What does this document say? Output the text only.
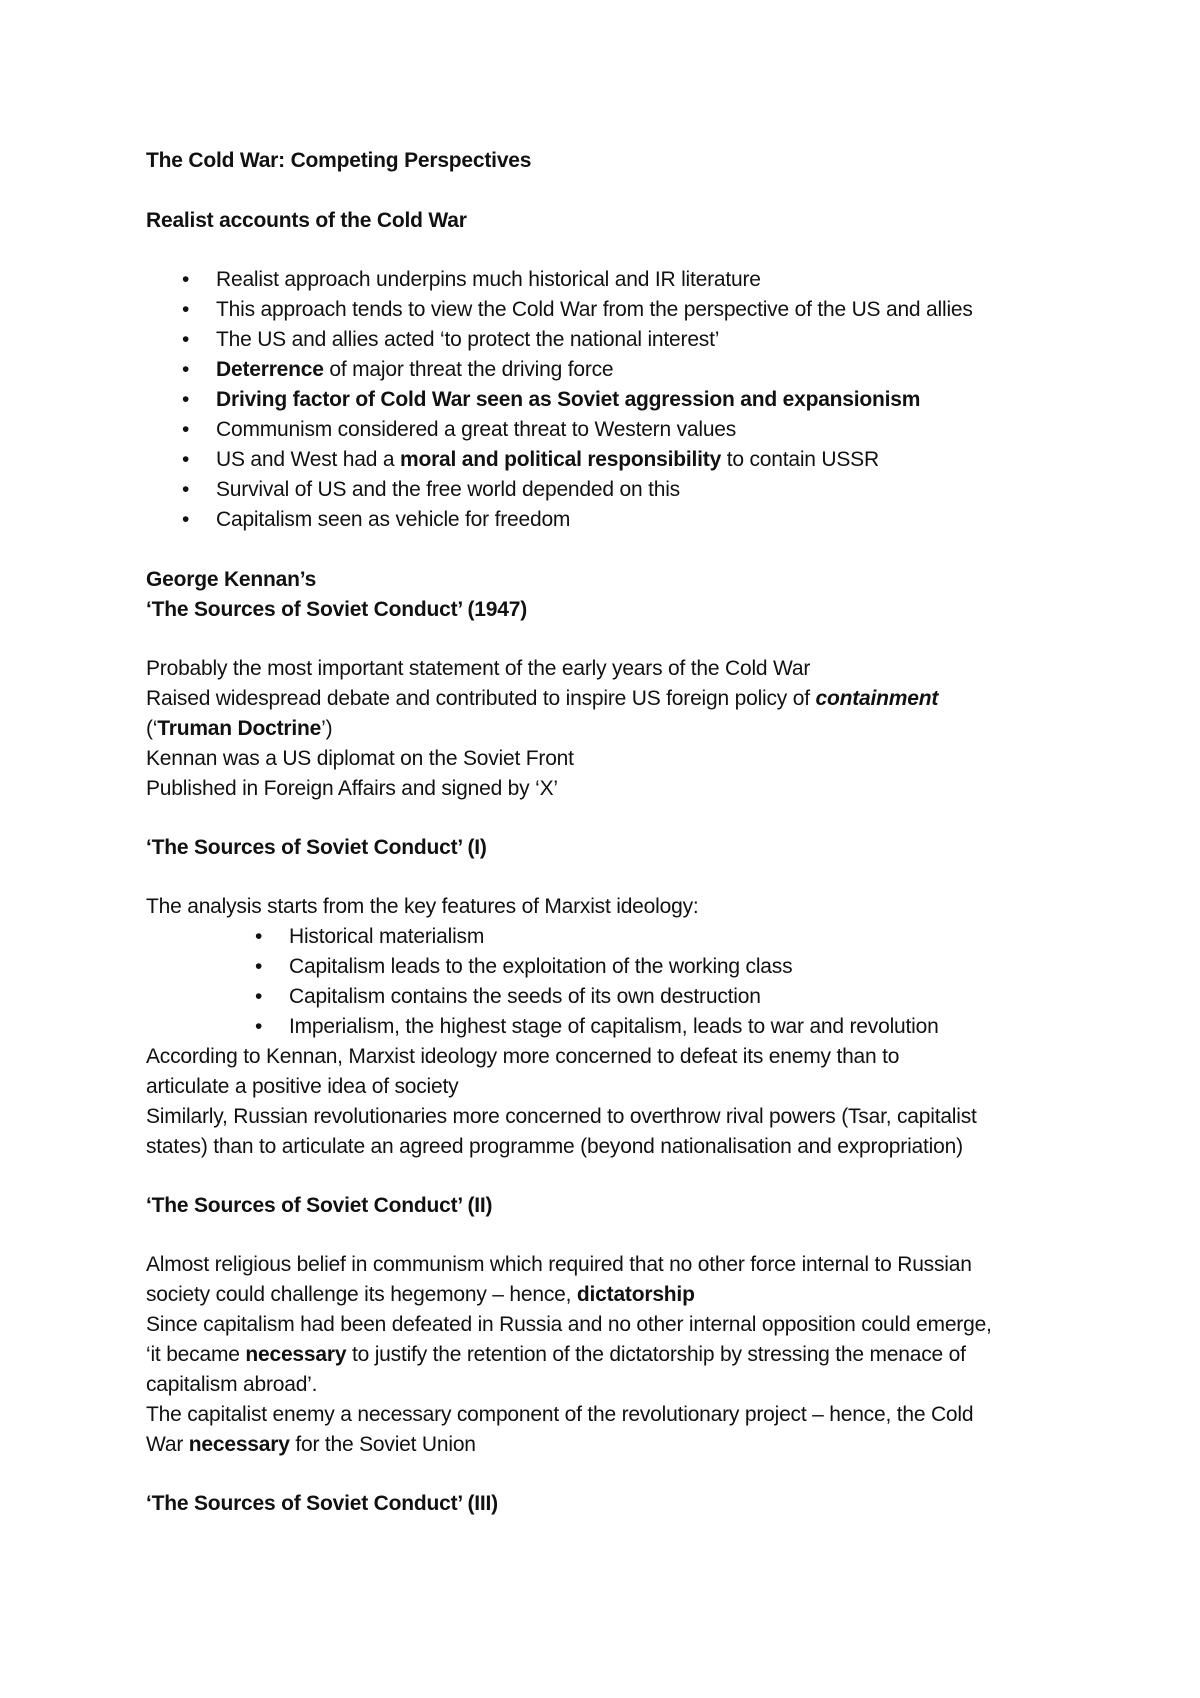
The Cold War: Competing Perspectives
Realist accounts of the Cold War
• Realist approach underpins much historical and IR literature
• This approach tends to view the Cold War from the perspective of the US and allies
• The US and allies acted ‘to protect the national interest’
• Deterrence of major threat the driving force
• Driving factor of Cold War seen as Soviet aggression and expansionism
• Communism considered a great threat to Western values
• US and West had a moral and political responsibility to contain USSR
• Survival of US and the free world depended on this
• Capitalism seen as vehicle for freedom
George Kennan’s
‘The Sources of Soviet Conduct’ (1947)
Probably the most important statement of the early years of the Cold War
Raised widespread debate and contributed to inspire US foreign policy of containment
(‘Truman Doctrine’)
Kennan was a US diplomat on the Soviet Front
Published in Foreign Affairs and signed by ‘X’
‘The Sources of Soviet Conduct’ (I)
The analysis starts from the key features of Marxist ideology:
• Historical materialism
• Capitalism leads to the exploitation of the working class
• Capitalism contains the seeds of its own destruction
• Imperialism, the highest stage of capitalism, leads to war and revolution
According to Kennan, Marxist ideology more concerned to defeat its enemy than to
articulate a positive idea of society
Similarly, Russian revolutionaries more concerned to overthrow rival powers (Tsar, capitalist
states) than to articulate an agreed programme (beyond nationalisation and expropriation)
‘The Sources of Soviet Conduct’ (II)
Almost religious belief in communism which required that no other force internal to Russian
society could challenge its hegemony – hence, dictatorship
Since capitalism had been defeated in Russia and no other internal opposition could emerge,
‘it became necessary to justify the retention of the dictatorship by stressing the menace of
capitalism abroad’.
The capitalist enemy a necessary component of the revolutionary project – hence, the Cold
War necessary for the Soviet Union
‘The Sources of Soviet Conduct’ (III)
